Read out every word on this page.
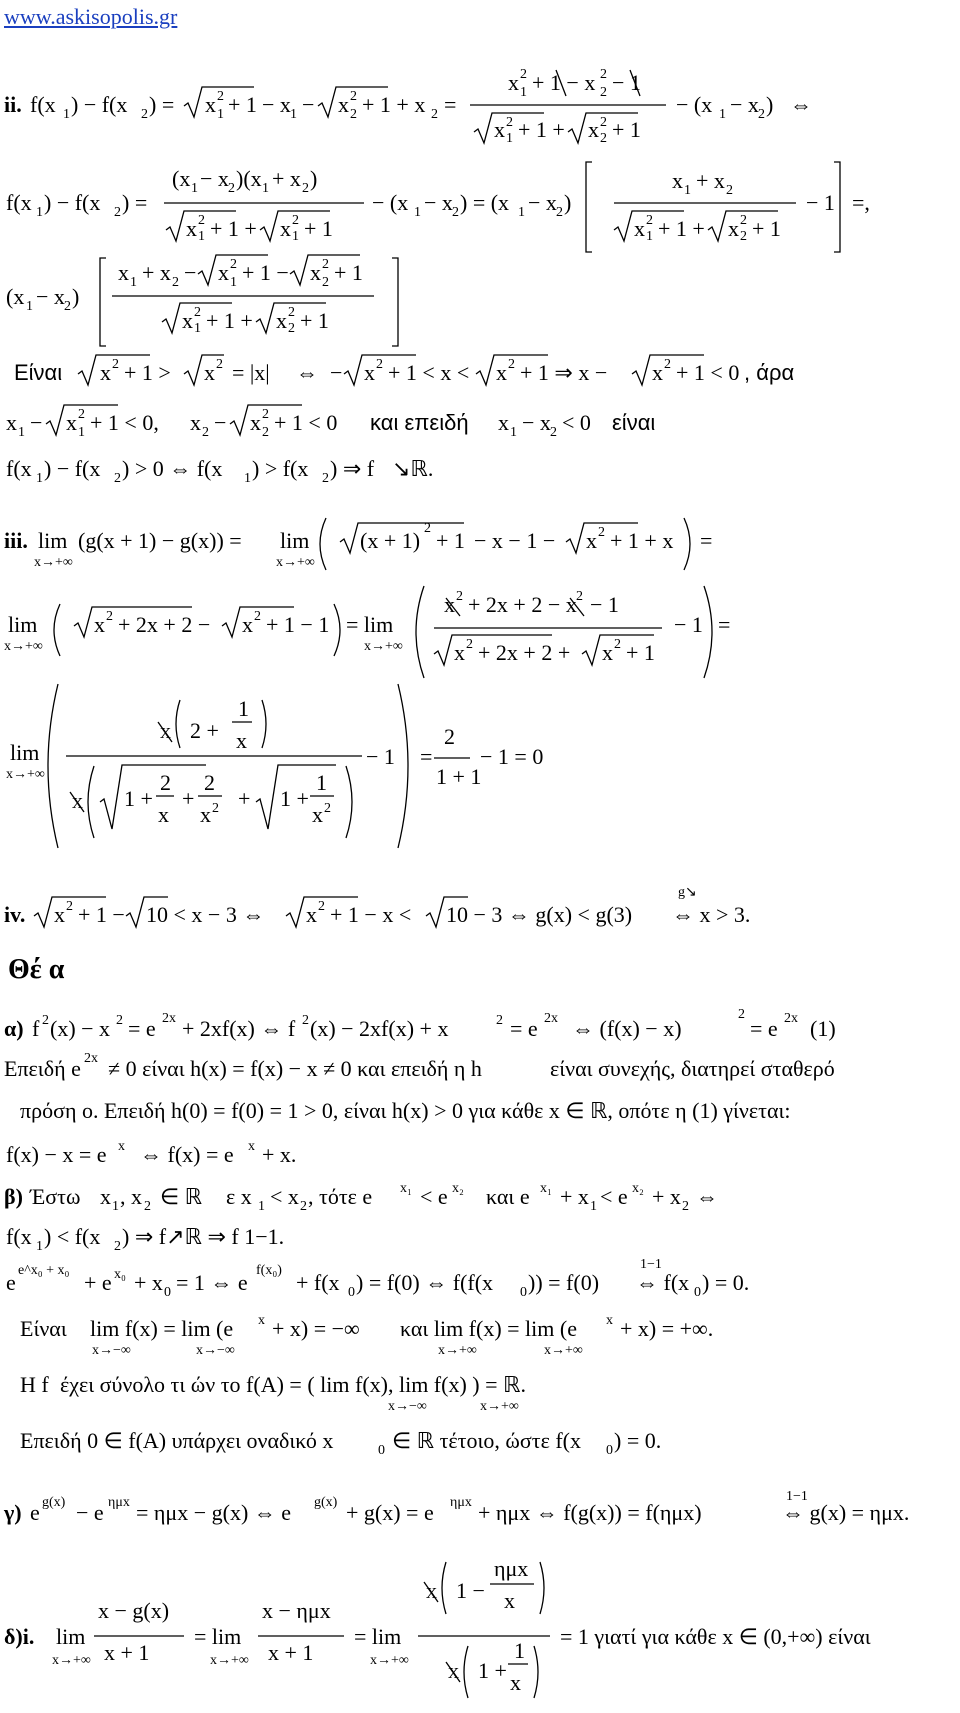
www.askisopolis.gr
ii. f(x 1 ) − f(x 2 ) = x 2
1 + 1 − x 1 − x 2
2 + 1 + x 2 =
x 2
1 + 1 − x 2
2 − 1
x 2
1 + 1 + x 2
2 + 1
− (x 1 − x 2 ) ⇔
f(x 1 ) − f(x 2 ) =
(x 1 − x 2 )(x 1 + x 2 )
x 2
1 + 1 + x 2
1 + 1
− (x 1 − x 2 ) = (x 1 − x 2 )
x 1 + x 2
x 2
1 + 1 + x 2
2 + 1
− 1 =,
(x 1 − x 2 )
x 1 + x 2 − x 2
1 + 1 − x 2
2 + 1
x 2
1 + 1 + x 2
2 + 1
Είναι x 2 + 1 > x 2 = |x| ⇔ − x 2 + 1 < x < x 2 + 1 ⇒ x − x 2 + 1 < 0 , άρα
x 1 − x 2
1 + 1 < 0, x 2 − x 2
2 + 1 < 0 και επειδή x 1 − x 2 < 0 είναι
f(x 1 ) − f(x 2 ) > 0 ⇔ f(x 1 ) > f(x 2 ) ⇒ f ↘ℝ.
iii. lim
x→+∞
(g(x + 1) − g(x)) = lim
x→+∞
(x + 1) 2 + 1 − x − 1 − x 2 + 1 + x =
lim
x→+∞
x 2 + 2x + 2 − x 2 + 1 − 1 = lim
x→+∞
x 2 + 2x + 2 − x 2 − 1
x 2 + 2x + 2 + x 2 + 1
− 1 =
lim
x→+∞
x 2 +
1
x
x 1 +
2
x
+
2
x 2 + 1 +
1
x 2
− 1 =
2
1 + 1
− 1 = 0
iv. x 2 + 1 − 10 < x − 3 ⇔ x 2 + 1 − x < 10 − 3 ⇔ g(x) < g(3)
g↘
⇔ x > 3.
Θέ α
α) f 2 (x) − x 2 = e 2x + 2xf(x) ⇔ f 2 (x) − 2xf(x) + x	2 = e 2x ⇔ (f(x) − x)
2
= e 2x (1)
Επειδή e 2x ≠ 0 είναι h(x) = f(x) − x ≠ 0 και επειδή η h	είναι συνεχής, διατηρεί σταθερό
πρόση ο. Επειδή h(0) = f(0) = 1 > 0, είναι h(x) > 0 για κάθε x ∈ ℝ, οπότε η (1) γίνεται:
f(x) − x = e x ⇔ f(x) = e x + x.
β) Έστω x 1 , x 2 ∈ ℝ ε x 1 < x 2 , τότε e x₁ < e x₂ και e x₁ + x 1 < e x₂ + x 2 ⇔
f(x 1 ) < f(x 2 ) ⇒ f↗ℝ ⇒ f 1−1.
e e^x₀ + x₀ + e x₀ + x 0 = 1 ⇔ e f(x₀) + f(x 0 ) = f(0) ⇔ f(f(x 0 )) = f(0)
1−1
⇔ f(x 0 ) = 0.
Είναι lim f(x) = lim (e
x→−∞	x→−∞
x + x) = −∞ και lim f(x) = lim (e
x→+∞	x→+∞
x + x) = +∞.
Η f έχει σύνολο τι ών το f(A) = ( lim f(x), lim f(x) ) = ℝ.
x→−∞	x→+∞
Επειδή 0 ∈ f(A) υπάρχει οναδικό x	0 ∈ ℝ τέτοιο, ώστε f(x 0 ) = 0.
γ) e g(x) − e ημx = ημx − g(x) ⇔ e g(x) + g(x) = e ημx + ημx ⇔ f(g(x)) = f(ημx)
1−1
⇔ g(x) = ημx.
δ)i. lim
x→+∞
x − g(x)
x + 1
= lim
x→+∞
x − ημx
x + 1
= lim
x→+∞
x 1 −
ημx
x
x 1 +
1
x
= 1 γιατί για κάθε x ∈ (0,+∞) είναι
